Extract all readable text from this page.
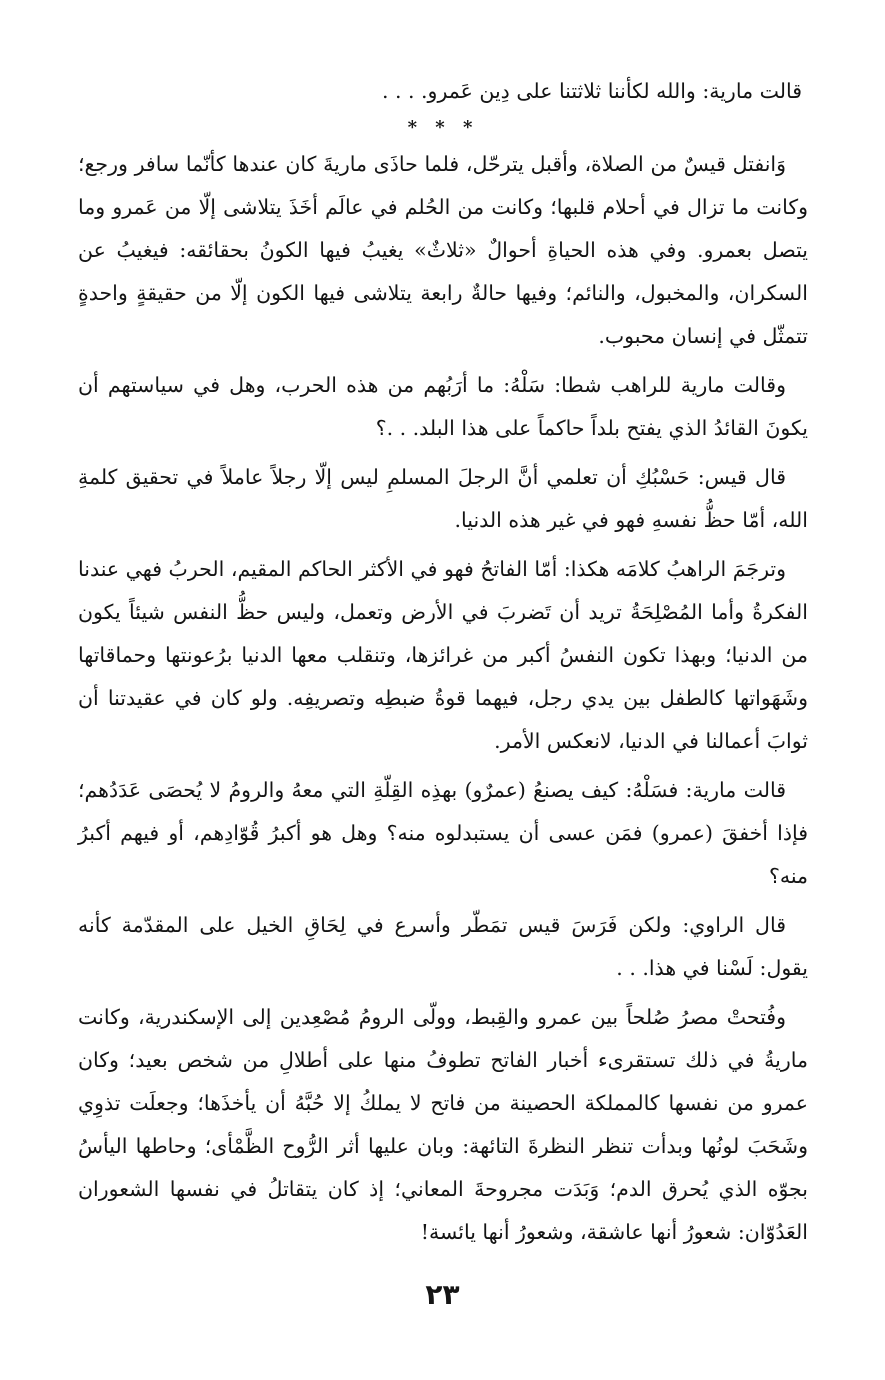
قالت مارية: والله لكأننا ثلاثتنا على دِين عَمرو. . . .

* * *

وَانفتل قيسٌ من الصلاة، وأقبل يترحّل، فلما حاذَى ماريةَ كان عندها كأنّما سافر ورجع؛ وكانت ما تزال في أحلام قلبها؛ وكانت من الحُلم في عالَم أخَذَ يتلاشى إلّا من عَمرو وما يتصل بعمرو. وفي هذه الحياةِ أحوالٌ «ثلاثٌ» يغيبُ فيها الكونُ بحقائقه: فيغيبُ عن السكران، والمخبول، والنائم؛ وفيها حالةٌ رابعة يتلاشى فيها الكون إلّا من حقيقةٍ واحدةٍ تتمثّل في إنسان محبوب.

وقالت مارية للراهب شطا: سَلْهُ: ما أرَبُهم من هذه الحرب، وهل في سياستهم أن يكونَ القائدُ الذي يفتح بلداً حاكماً على هذا البلد. . .؟

قال قيس: حَسْبُكِ أن تعلمي أنَّ الرجلَ المسلمِ ليس إلّا رجلاً عاملاً في تحقيق كلمةِ الله، أمّا حظُّ نفسهِ فهو في غير هذه الدنيا.

وترجَمَ الراهبُ كلامَه هكذا: أمّا الفاتحُ فهو في الأكثر الحاكم المقيم، الحربُ فهي عندنا الفكرةُ وأما المُصْلِحَةُ تريد أن تَضربَ في الأرض وتعمل، وليس حظُّ النفس شيئاً يكون من الدنيا؛ وبهذا تكون النفسُ أكبر من غرائزها، وتنقلب معها الدنيا برُعونتها وحماقاتها وشَهَواتها كالطفل بين يدي رجل، فيهما قوةُ ضبطِه وتصريفِه. ولو كان في عقيدتنا أن ثوابَ أعمالنا في الدنيا، لانعكس الأمر.

قالت مارية: فسَلْهُ: كيف يصنعُ (عمرٌو) بهذِه القِلّةِ التي معهُ والرومُ لا يُحصَى عَدَدُهم؛ فإذا أخفقَ (عمرو) فمَن عسى أن يستبدلوه منه؟ وهل هو أكبرُ قُوّادِهم، أو فيهم أكبرُ منه؟

قال الراوي: ولكن فَرَسَ قيس تمَطّر وأسرع في لِحَاقِ الخيل على المقدّمة كأنه يقول: لَسْنا في هذا. . .

وفُتحتْ مصرُ صُلحاً بين عمرو والقِبط، وولّى الرومُ مُصْعِدين إلى الإسكندرية، وكانت ماريةُ في ذلك تستقرىء أخبار الفاتح تطوفُ منها على أطلالِ من شخص بعيد؛ وكان عمرو من نفسها كالمملكة الحصينة من فاتح لا يملكُ إلا حُبَّهُ أن يأخذَها؛ وجعلَت تذوِي وشَحَبَ لونُها وبدأت تنظر النظرةَ التائهة: وبان عليها أثر الرُّوح الظَّمْأى؛ وحاطها اليأسُ بجوّه الذي يُحرق الدم؛ وَبَدَت مجروحةَ المعاني؛ إذ كان يتقاتلُ في نفسها الشعوران العَدُوّان: شعورُ أنها عاشقة، وشعورُ أنها يائسة!

٢٣
